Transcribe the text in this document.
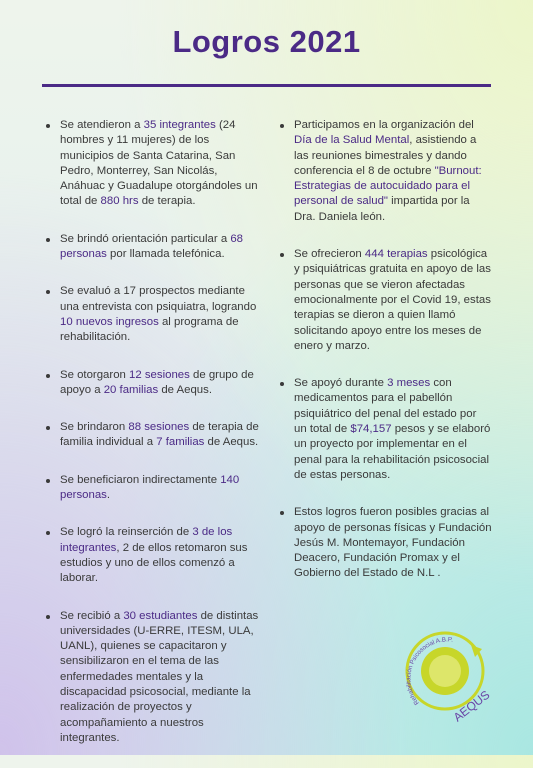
Logros 2021
Se atendieron a 35 integrantes (24 hombres y 11 mujeres) de los municipios de Santa Catarina, San Pedro, Monterrey, San Nicolás, Anáhuac y Guadalupe otorgándoles un total de 880 hrs de terapia.
Se brindó orientación particular a 68 personas por llamada telefónica.
Se evaluó a 17 prospectos mediante una entrevista con psiquiatra, logrando 10 nuevos ingresos al programa de rehabilitación.
Se otorgaron 12 sesiones de grupo de apoyo a 20 familias de Aequs.
Se brindaron 88 sesiones de terapia de familia individual a 7 familias de Aequs.
Se beneficiaron indirectamente 140 personas.
Se logró la reinserción de 3 de los integrantes, 2 de ellos retomaron sus estudios y uno de ellos comenzó a laborar.
Se recibió a 30 estudiantes de distintas universidades (U-ERRE, ITESM, ULA, UANL), quienes se capacitaron y sensibilizaron en el tema de las enfermedades mentales y la discapacidad psicosocial, mediante la realización de proyectos y acompañamiento a nuestros integrantes.
Participamos en la organización del Día de la Salud Mental, asistiendo a las reuniones bimestrales y dando conferencia el 8 de octubre "Burnout: Estrategias de autocuidado para el personal de salud" impartida por la Dra. Daniela león.
Se ofrecieron 444 terapias psicológica y psiquiátricas gratuita en apoyo de las personas que se vieron afectadas emocionalmente por el Covid 19, estas terapias se dieron a quien llamó solicitando apoyo entre los meses de enero y marzo.
Se apoyó durante 3 meses con medicamentos para el pabellón psiquiátrico del penal del estado por un total de $74,157 pesos y se elaboró un proyecto por implementar en el penal para la rehabilitación psicosocial de estas personas.
Estos logros fueron posibles gracias al apoyo de personas físicas y Fundación Jesús M. Montemayor, Fundación Deacero, Fundación Promax y el Gobierno del Estado de N.L .
Rehabilitación Psicosocial A.B.P.
AEQUS
